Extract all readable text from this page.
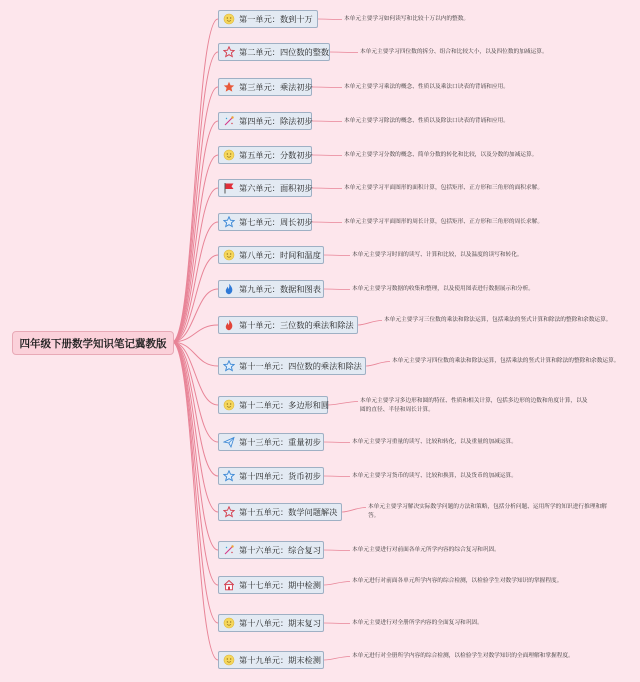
四年级下册数学知识笔记冀教版
第一单元：数到十万	本单元主要学习如何读写和比较十万以内的整数。
第二单元：四位数的整数	本单元主要学习四位数的拆分、组合和比较大小，以及四位数的加减运算。
第三单元：乘法初步	本单元主要学习乘法的概念、性质以及乘法口诀表的背诵和应用。
第四单元：除法初步	本单元主要学习除法的概念、性质以及除法口诀表的背诵和应用。
第五单元：分数初步	本单元主要学习分数的概念、简单分数的转化和比较，以及分数的加减运算。
第六单元：面积初步	本单元主要学习平面图形的面积计算，包括矩形、正方形和三角形的面积求解。
第七单元：周长初步	本单元主要学习平面图形的周长计算，包括矩形、正方形和三角形的周长求解。
第八单元：时间和温度	本单元主要学习时间的读写、计算和比较，以及温度的读写和转化。
第九单元：数据和图表	本单元主要学习数据的收集和整理，以及使用图表进行数据展示和分析。
第十单元：三位数的乘法和除法	本单元主要学习三位数的乘法和除法运算，包括乘法的竖式计算和除法的整除和余数运算。
第十一单元：四位数的乘法和除法	本单元主要学习四位数的乘法和除法运算，包括乘法的竖式计算和除法的整除和余数运算。
第十二单元：多边形和圆	本单元主要学习多边形和圆的特征、性质和相关计算，包括多边形的边数和角度计算，以及圆的直径、半径和周长计算。
第十三单元：重量初步	本单元主要学习重量的读写、比较和转化，以及重量的加减运算。
第十四单元：货币初步	本单元主要学习货币的读写、比较和换算，以及货币的加减运算。
第十五单元：数学问题解决	本单元主要学习解决实际数学问题的方法和策略，包括分析问题、运用所学的知识进行推理和解答。
第十六单元：综合复习	本单元主要进行对前面各单元所学内容的综合复习和巩固。
第十七单元：期中检测	本单元进行对前面各单元所学内容的综合检测，以检验学生对数学知识的掌握程度。
第十八单元：期末复习	本单元主要进行对全册所学内容的全面复习和巩固。
第十九单元：期末检测	本单元进行对全册所学内容的综合检测，以检验学生对数学知识的全面理解和掌握程度。
